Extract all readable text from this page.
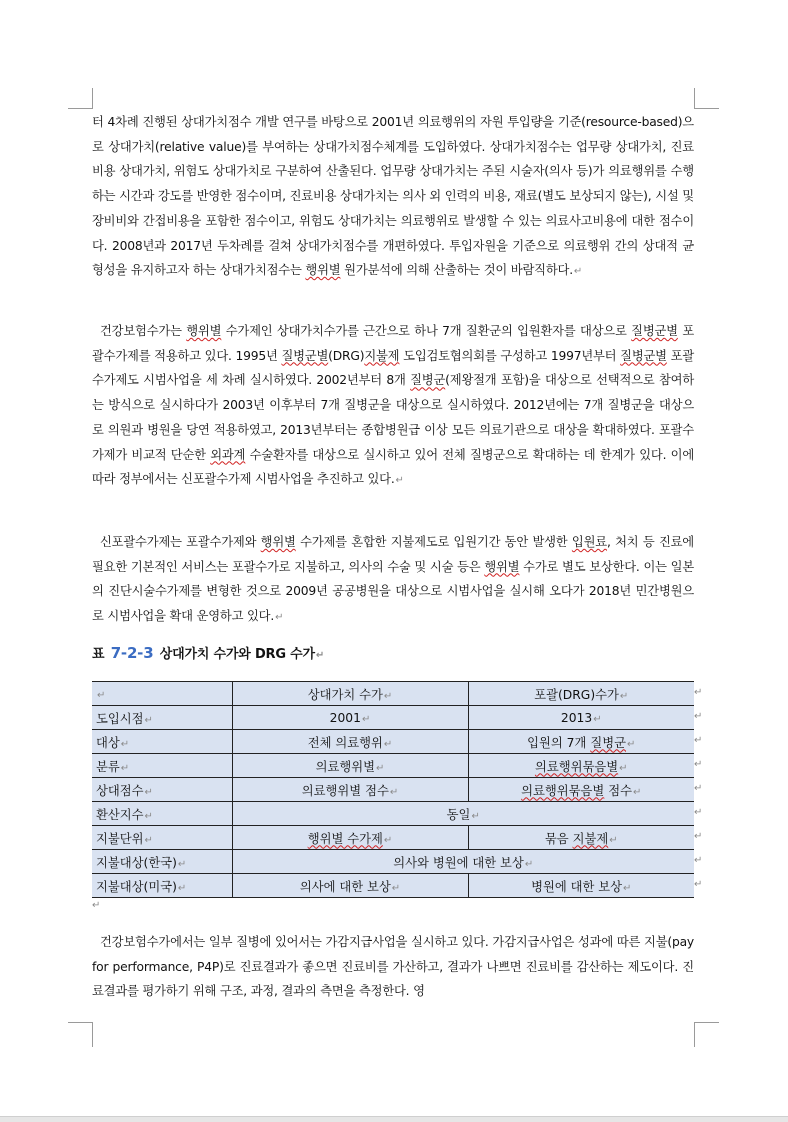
터 4차례 진행된 상대가치점수 개발 연구를 바탕으로 2001년 의료행위의 자원 투입량을 기준(resource-based)으로 상대가치(relative value)를 부여하는 상대가치점수체계를 도입하였다. 상대가치점수는 업무량 상대가치, 진료비용 상대가치, 위험도 상대가치로 구분하여 산출된다. 업무량 상대가치는 주된 시술자(의사 등)가 의료행위를 수행하는 시간과 강도를 반영한 점수이며, 진료비용 상대가치는 의사 외 인력의 비용, 재료(별도 보상되지 않는), 시설 및 장비비와 간접비용을 포함한 점수이고, 위험도 상대가치는 의료행위로 발생할 수 있는 의료사고비용에 대한 점수이다. 2008년과 2017년 두차례를 걸쳐 상대가치점수를 개편하였다. 투입자원을 기준으로 의료행위 간의 상대적 균형성을 유지하고자 하는 상대가치점수는 행위별 원가분석에 의해 산출하는 것이 바람직하다.↵

건강보험수가는 행위별 수가제인 상대가치수가를 근간으로 하나 7개 질환군의 입원환자를 대상으로 질병군별 포괄수가제를 적용하고 있다. 1995년 질병군별(DRG)지불제 도입검토협의회를 구성하고 1997년부터 질병군별 포괄수가제도 시범사업을 세 차례 실시하였다. 2002년부터 8개 질병군(제왕절개 포함)을 대상으로 선택적으로 참여하는 방식으로 실시하다가 2003년 이후부터 7개 질병군을 대상으로 실시하였다. 2012년에는 7개 질병군을 대상으로 의원과 병원을 당연 적용하였고, 2013년부터는 종합병원급 이상 모든 의료기관으로 대상을 확대하였다. 포괄수가제가 비교적 단순한 외과계 수술환자를 대상으로 실시하고 있어 전체 질병군으로 확대하는 데 한계가 있다. 이에 따라 정부에서는 신포괄수가제 시범사업을 추진하고 있다.↵

신포괄수가제는 포괄수가제와 행위별 수가제를 혼합한 지불제도로 입원기간 동안 발생한 입원료, 처치 등 진료에 필요한 기본적인 서비스는 포괄수가로 지불하고, 의사의 수술 및 시술 등은 행위별 수가로 별도 보상한다. 이는 일본의 진단시술수가제를 변형한 것으로 2009년 공공병원을 대상으로 시범사업을 실시해 오다가 2018년 민간병원으로 시범사업을 확대 운영하고 있다.↵

표 7-2-3 상대가치 수가와 DRG 수가↵

↵	상대가치 수가↵	포괄(DRG)수가↵
도입시점↵	2001↵	2013↵
대상↵	전체 의료행위↵	입원의 7개 질병군↵
분류↵	의료행위별↵	의료행위묶음별↵
상대점수↵	의료행위별 점수↵	의료행위묶음별 점수↵
환산지수↵	동일↵	
지불단위↵	행위별 수가제↵	묶음 지불제↵
지불대상(한국)↵	의사와 병원에 대한 보상↵	
지불대상(미국)↵	의사에 대한 보상↵	병원에 대한 보상↵
↵
↵
↵
↵
↵
↵
↵
↵
↵
↵

건강보험수가에서는 일부 질병에 있어서는 가감지급사업을 실시하고 있다. 가감지급사업은 성과에 따른 지불(pay for performance, P4P)로 진료결과가 좋으면 진료비를 가산하고, 결과가 나쁘면 진료비를 감산하는 제도이다. 진료결과를 평가하기 위해 구조, 과정, 결과의 측면을 측정한다. 영
